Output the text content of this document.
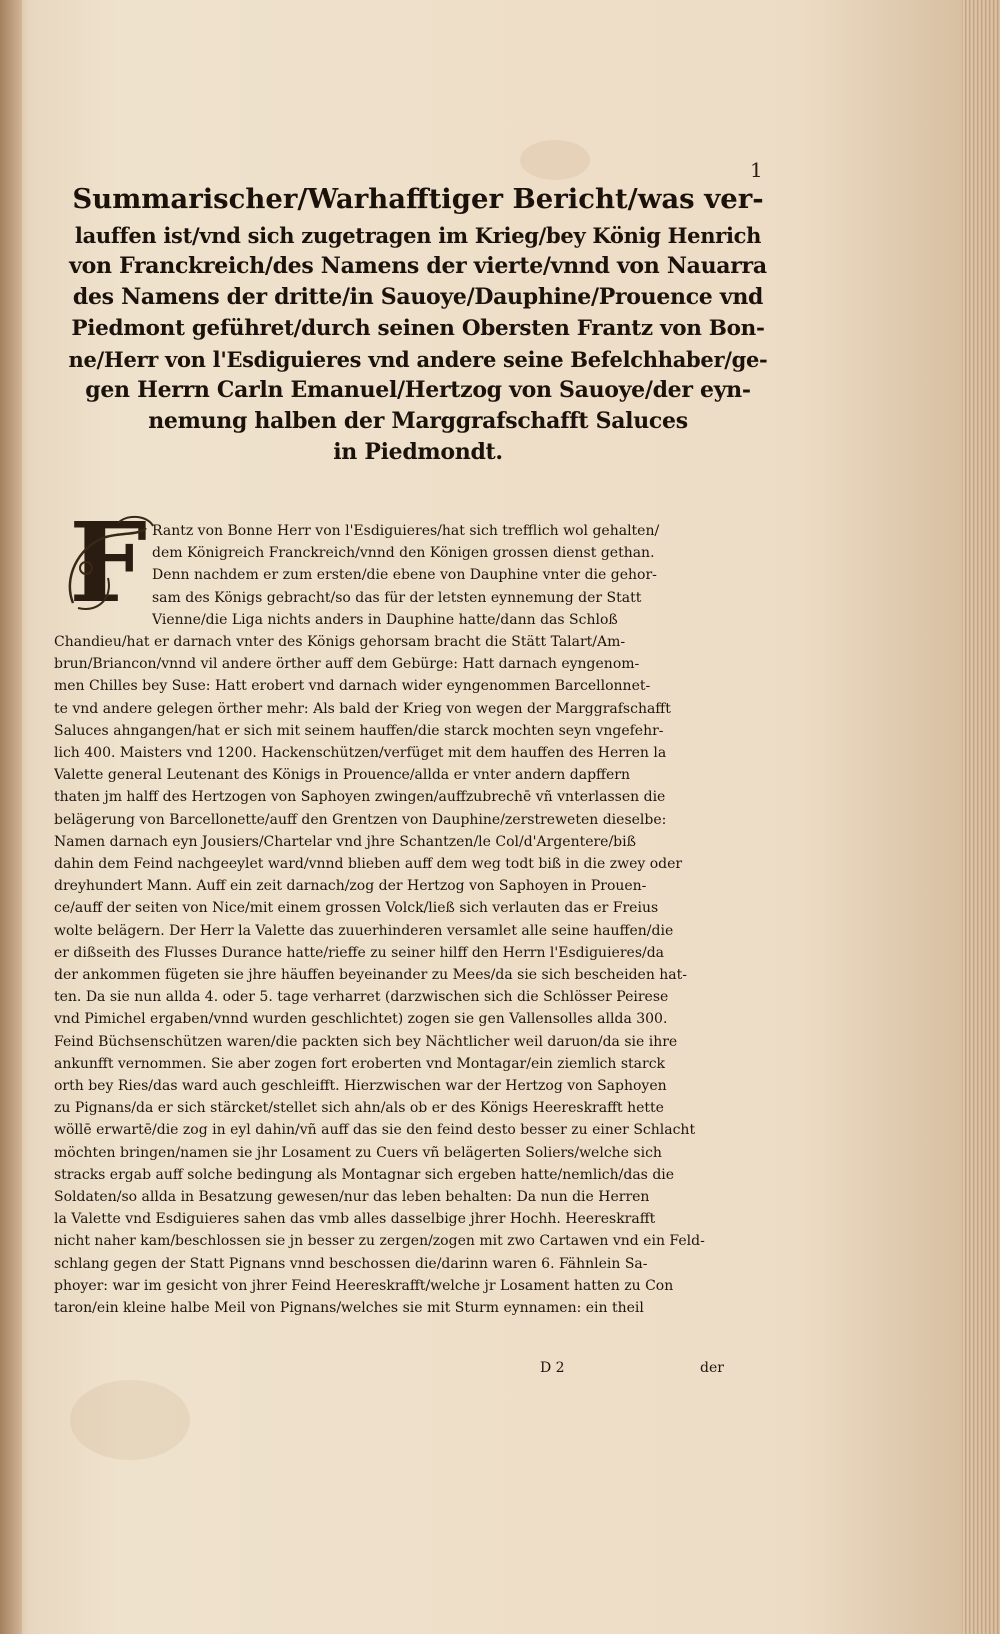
1
Summarischer/Warhafftiger Bericht/was ver-
lauffen ist/vnd sich zugetragen im Krieg/bey König Henrich
von Franckreich/des Namens der vierte/vnnd von Nauarra
des Namens der dritte/in Sauoye/Dauphine/Prouence vnd
Piedmont geführet/durch seinen Obersten Frantz von Bon-
ne/Herr von l'Esdiguieres vnd andere seine Befelchhaber/ge-
gen Herrn Carln Emanuel/Hertzog von Sauoye/der eyn-
nemung halben der Marggrafschafft Saluces
in Piedmondt.
F Rantz von Bonne Herr von l'Esdiguieres/hat sich trefflich wol gehalten/
dem Königreich Franckreich/vnnd den Königen grossen dienst gethan.
Denn nachdem er zum ersten/die ebene von Dauphine vnter die gehor-
sam des Königs gebracht/so das für der letsten eynnemung der Statt
Vienne/die Liga nichts anders in Dauphine hatte/dann das Schloß
Chandieu/hat er darnach vnter des Königs gehorsam bracht die Stätt Talart/Am-
brun/Briancon/vnnd vil andere örther auff dem Gebürge: Hatt darnach eyngenom-
men Chilles bey Suse: Hatt erobert vnd darnach wider eyngenommen Barcellonnet-
te vnd andere gelegen örther mehr: Als bald der Krieg von wegen der Marggrafschafft
Saluces ahngangen/hat er sich mit seinem hauffen/die starck mochten seyn vngefehr-
lich 400. Maisters vnd 1200. Hackenschützen/verfüget mit dem hauffen des Herren la
Valette general Leutenant des Königs in Prouence/allda er vnter andern dapffern
thaten jm halff des Hertzogen von Saphoyen zwingen/auffzubrechē vñ vnterlassen die
belägerung von Barcellonette/auff den Grentzen von Dauphine/zerstreweten dieselbe:
Namen darnach eyn Jousiers/Chartelar vnd jhre Schantzen/le Col/d'Argentere/biß
dahin dem Feind nachgeeylet ward/vnnd blieben auff dem weg todt biß in die zwey oder
dreyhundert Mann. Auff ein zeit darnach/zog der Hertzog von Saphoyen in Prouen-
ce/auff der seiten von Nice/mit einem grossen Volck/ließ sich verlauten das er Freius
wolte belägern. Der Herr la Valette das zuuerhinderen versamlet alle seine hauffen/die
er dißseith des Flusses Durance hatte/rieffe zu seiner hilff den Herrn l'Esdiguieres/da
der ankommen fügeten sie jhre häuffen beyeinander zu Mees/da sie sich bescheiden hat-
ten. Da sie nun allda 4. oder 5. tage verharret (darzwischen sich die Schlösser Peirese
vnd Pimichel ergaben/vnnd wurden geschlichtet) zogen sie gen Vallensolles allda 300.
Feind Büchsenschützen waren/die packten sich bey Nächtlicher weil daruon/da sie ihre
ankunfft vernommen. Sie aber zogen fort eroberten vnd Montagar/ein ziemlich starck
orth bey Ries/das ward auch geschleifft. Hierzwischen war der Hertzog von Saphoyen
zu Pignans/da er sich stärcket/stellet sich ahn/als ob er des Königs Heereskrafft hette
wöllē erwartē/die zog in eyl dahin/vñ auff das sie den feind desto besser zu einer Schlacht
möchten bringen/namen sie jhr Losament zu Cuers vñ belägerten Soliers/welche sich
stracks ergab auff solche bedingung als Montagnar sich ergeben hatte/nemlich/das die
Soldaten/so allda in Besatzung gewesen/nur das leben behalten: Da nun die Herren
la Valette vnd Esdiguieres sahen das vmb alles dasselbige jhrer Hochh. Heereskrafft
nicht naher kam/beschlossen sie jn besser zu zergen/zogen mit zwo Cartawen vnd ein Feld-
schlang gegen der Statt Pignans vnnd beschossen die/darinn waren 6. Fähnlein Sa-
phoyer: war im gesicht von jhrer Feind Heereskrafft/welche jr Losament hatten zu Con
taron/ein kleine halbe Meil von Pignans/welches sie mit Sturm eynnamen: ein theil
D 2	der
